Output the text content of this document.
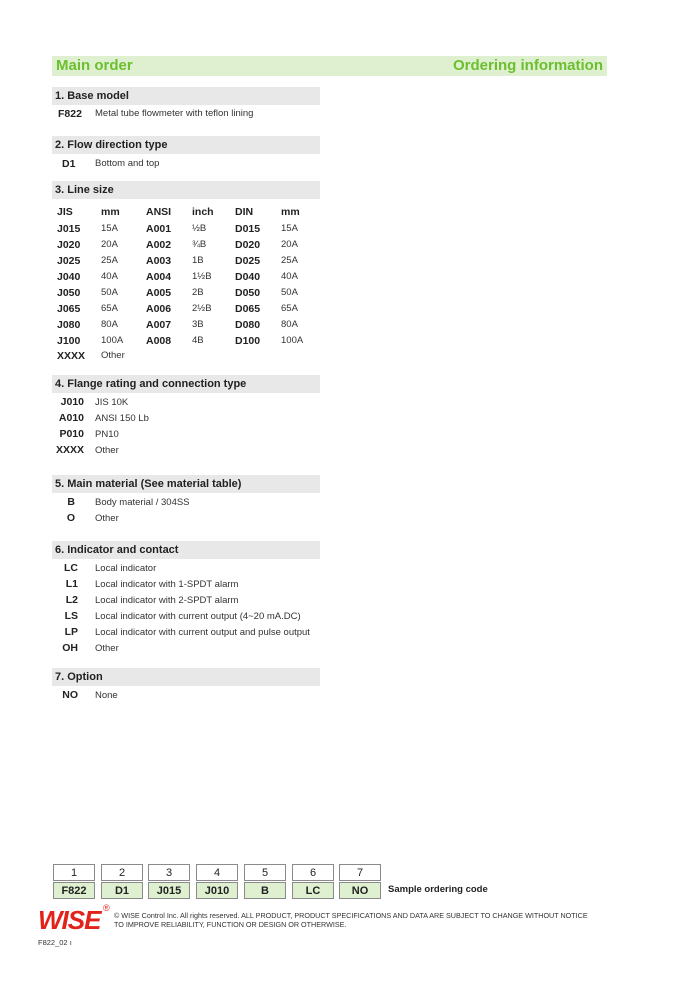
Main order	Ordering information
1. Base model
F822 Metal tube flowmeter with teflon lining
2. Flow direction type
D1 Bottom and top
3. Line size
JIS	mm	ANSI inch DIN	mm
J015 15A	A001 ½B	D015 15A
J020 20A	A002 ¾B	D020 20A
J025 25A	A003 1B	D025 25A
J040 40A	A004 1½B D040 40A
J050 50A	A005 2B	D050 50A
J065 65A	A006 2½B D065 65A
J080 80A	A007 3B	D080 80A
J100 100A A008 4B	D100 100A
XXXX Other
4. Flange rating and connection type
J010 JIS 10K
A010 ANSI 150 Lb
P010 PN10
XXXX Other
5. Main material (See material table)
B Body material / 304SS
O Other
6. Indicator and contact
LC Local indicator
L1 Local indicator with 1-SPDT alarm
L2 Local indicator with 2-SPDT alarm
LS Local indicator with current output (4~20 mA.DC)
LP Local indicator with current output and pulse output
OH Other
7. Option
NO None
1
F822
2
D1
3
J015
4
J010
5
B
6
LC
7
NO	Sample ordering code
WISE ®
© WISE Control Inc. All rights reserved. ALL PRODUCT, PRODUCT SPECIFICATIONS AND DATA ARE SUBJECT TO CHANGE WITHOUT NOTICE TO IMPROVE RELIABILITY, FUNCTION OR DESIGN OR OTHERWISE.
F822_02 ı
